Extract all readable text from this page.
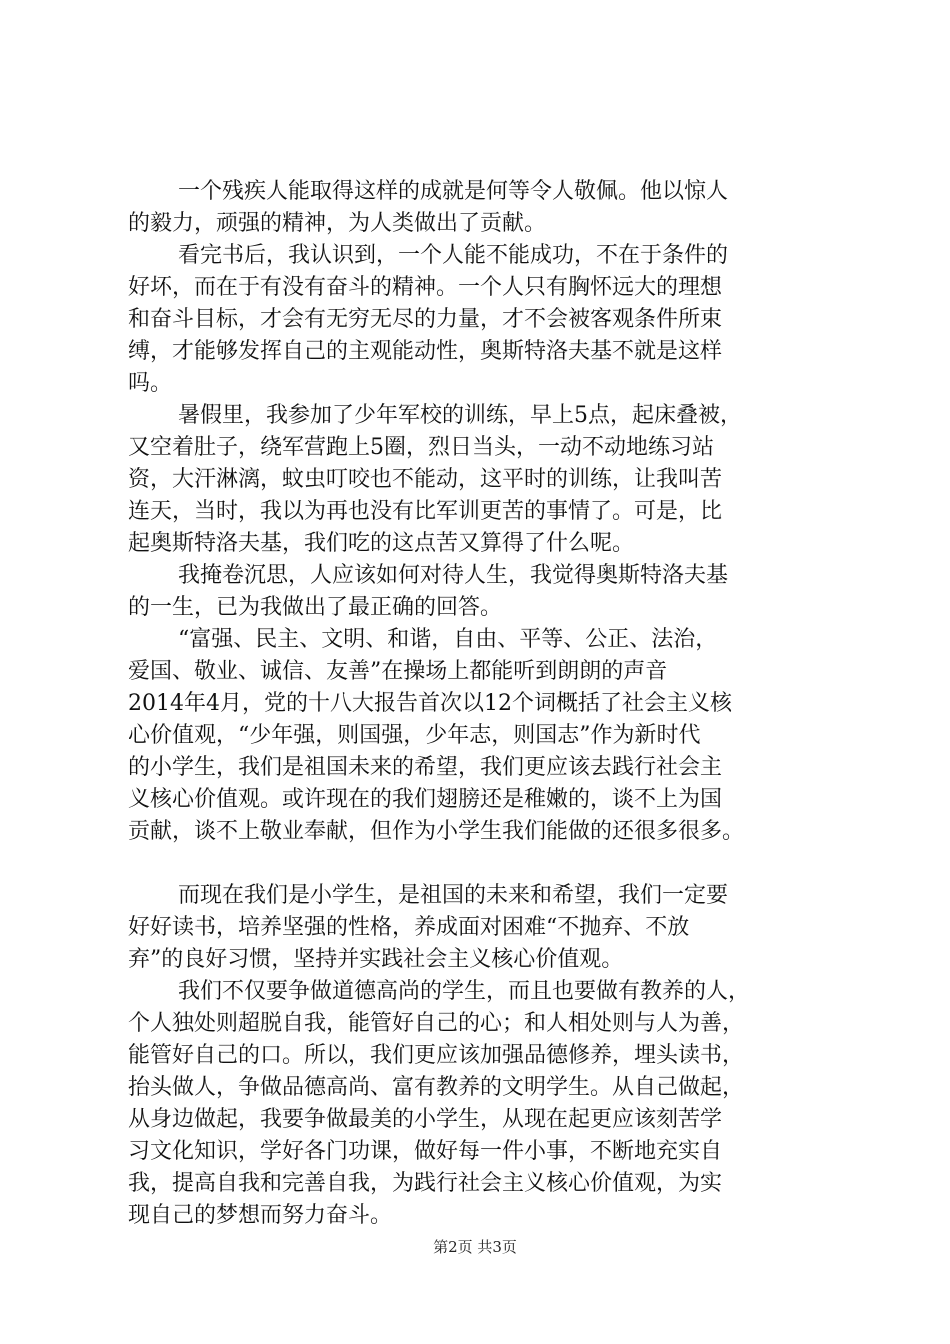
一个残疾人能取得这样的成就是何等令人敬佩。他以惊人
的毅力，顽强的精神，为人类做出了贡献。
看完书后，我认识到，一个人能不能成功，不在于条件的
好坏，而在于有没有奋斗的精神。一个人只有胸怀远大的理想
和奋斗目标，才会有无穷无尽的力量，才不会被客观条件所束
缚，才能够发挥自己的主观能动性，奥斯特洛夫基不就是这样
吗。
暑假里，我参加了少年军校的训练，早上5点，起床叠被，
又空着肚子，绕军营跑上5圈，烈日当头，一动不动地练习站
资，大汗淋漓，蚊虫叮咬也不能动，这平时的训练，让我叫苦
连天，当时，我以为再也没有比军训更苦的事情了。可是，比
起奥斯特洛夫基，我们吃的这点苦又算得了什么呢。
我掩卷沉思，人应该如何对待人生，我觉得奥斯特洛夫基
的一生，已为我做出了最正确的回答。
“富强、民主、文明、和谐，自由、平等、公正、法治，
爱国、敬业、诚信、友善”在操场上都能听到朗朗的声音
2014年4月，党的十八大报告首次以12个词概括了社会主义核
心价值观，“少年强，则国强，少年志，则国志”作为新时代
的小学生，我们是祖国未来的希望，我们更应该去践行社会主
义核心价值观。或许现在的我们翅膀还是稚嫩的，谈不上为国
贡献，谈不上敬业奉献，但作为小学生我们能做的还很多很多。
而现在我们是小学生，是祖国的未来和希望，我们一定要
好好读书，培养坚强的性格，养成面对困难“不抛弃、不放
弃”的良好习惯，坚持并实践社会主义核心价值观。
我们不仅要争做道德高尚的学生，而且也要做有教养的人，
个人独处则超脱自我，能管好自己的心；和人相处则与人为善，
能管好自己的口。所以，我们更应该加强品德修养，埋头读书，
抬头做人，争做品德高尚、富有教养的文明学生。从自己做起，
从身边做起，我要争做最美的小学生，从现在起更应该刻苦学
习文化知识，学好各门功课，做好每一件小事，不断地充实自
我，提高自我和完善自我，为践行社会主义核心价值观，为实
现自己的梦想而努力奋斗。
第2页 共3页
